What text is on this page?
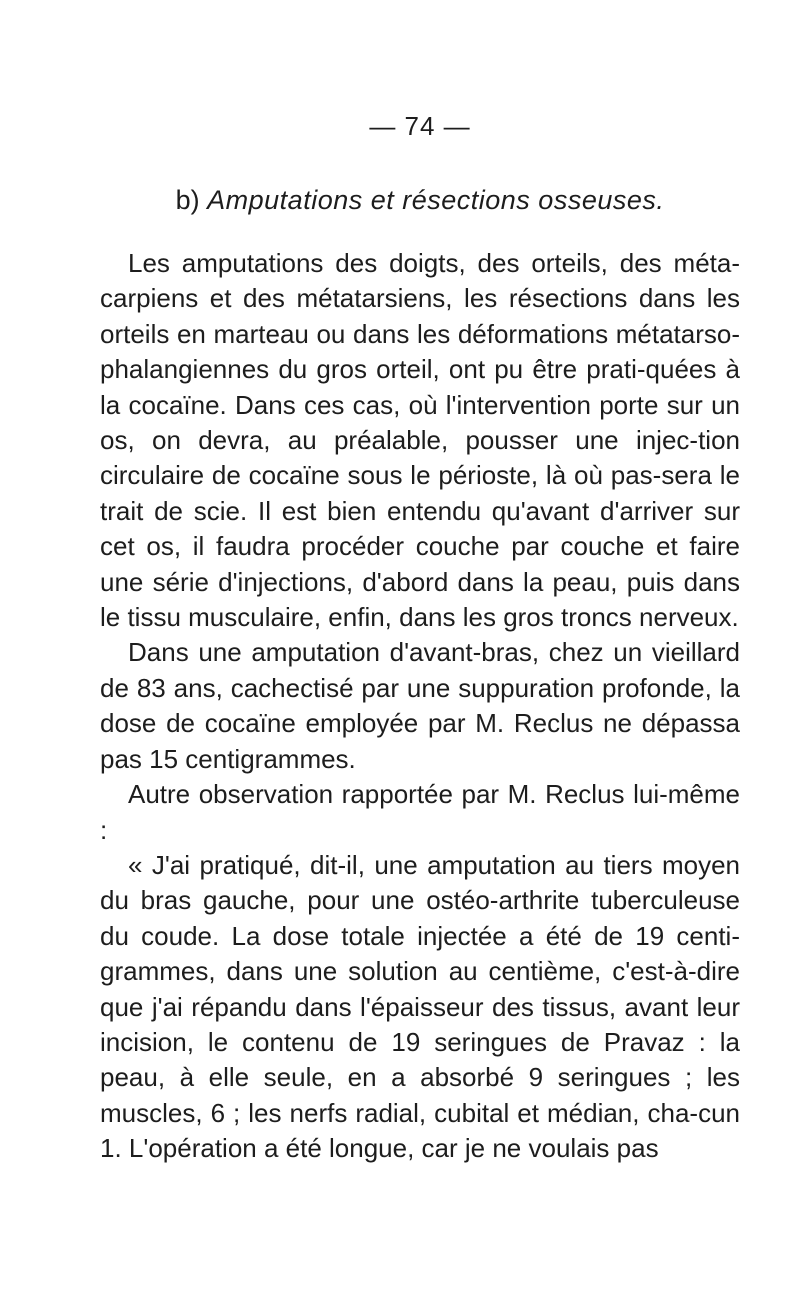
— 74 —
b) Amputations et résections osseuses.

Les amputations des doigts, des orteils, des méta-carpiens et des métatarsiens, les résections dans les orteils en marteau ou dans les déformations métatarso-phalangiennes du gros orteil, ont pu être prati-quées à la cocaïne. Dans ces cas, où l'intervention porte sur un os, on devra, au préalable, pousser une injec-tion circulaire de cocaïne sous le périoste, là où pas-sera le trait de scie. Il est bien entendu qu'avant d'arriver sur cet os, il faudra procéder couche par couche et faire une série d'injections, d'abord dans la peau, puis dans le tissu musculaire, enfin, dans les gros troncs nerveux.

Dans une amputation d'avant-bras, chez un vieillard de 83 ans, cachectisé par une suppuration profonde, la dose de cocaïne employée par M. Reclus ne dépassa pas 15 centigrammes.

Autre observation rapportée par M. Reclus lui-même :

« J'ai pratiqué, dit-il, une amputation au tiers moyen du bras gauche, pour une ostéo-arthrite tuberculeuse du coude. La dose totale injectée a été de 19 centi-grammes, dans une solution au centième, c'est-à-dire que j'ai répandu dans l'épaisseur des tissus, avant leur incision, le contenu de 19 seringues de Pravaz : la peau, à elle seule, en a absorbé 9 seringues ; les muscles, 6 ; les nerfs radial, cubital et médian, cha-cun 1. L'opération a été longue, car je ne voulais pas
